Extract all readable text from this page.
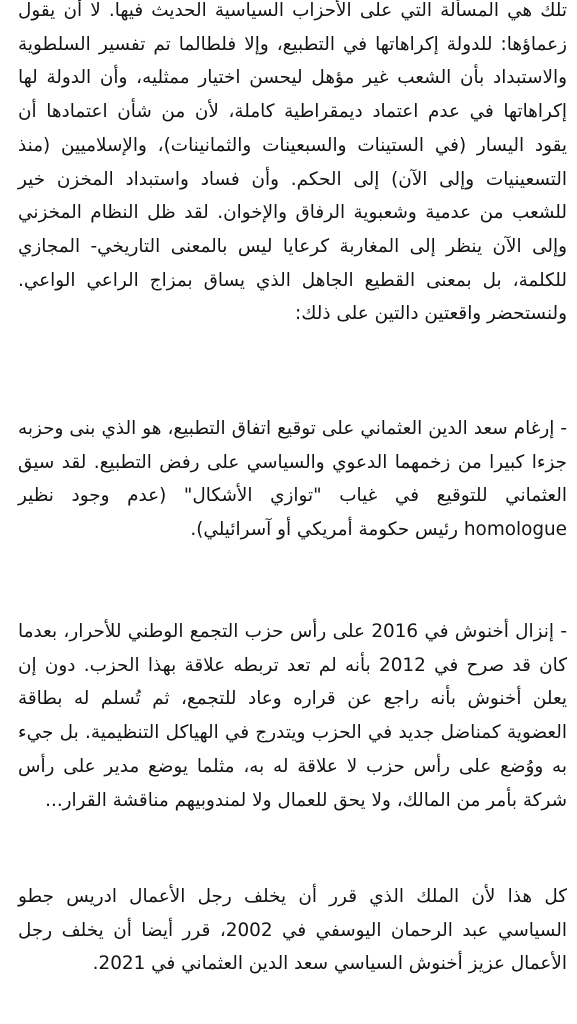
تلك هي المسألة التي على الأحزاب السياسية الحديث فيها. لا أن يقول زعماؤها: للدولة إكراهاتها في التطبيع، وإلا فلطالما تم تفسير السلطوية والاستبداد بأن الشعب غير مؤهل ليحسن اختيار ممثليه، وأن الدولة لها إكراهاتها في عدم اعتماد ديمقراطية كاملة، لأن من شأن اعتمادها أن يقود اليسار (في الستينات والسبعينات والثمانينات)، والإسلاميين (منذ التسعينيات وإلى الآن) إلى الحكم. وأن فساد واستبداد المخزن خير للشعب من عدمية وشعبوية الرفاق والإخوان. لقد ظل النظام المخزني وإلى الآن ينظر إلى المغاربة كرعايا ليس بالمعنى التاريخي- المجازي للكلمة، بل بمعنى القطيع الجاهل الذي يساق بمزاج الراعي الواعي. ولنستحضر واقعتين دالتين على ذلك:

- إرغام سعد الدين العثماني على توقيع اتفاق التطبيع، هو الذي بنى وحزبه جزءا كبيرا من زخمهما الدعوي والسياسي على رفض التطبيع. لقد سيق العثماني للتوقيع في غياب "توازي الأشكال" (عدم وجود نظير homologue رئيس حكومة أمريكي أو آسرائيلي).

- إنزال أخنوش في 2016 على رأس حزب التجمع الوطني للأحرار، بعدما كان قد صرح في 2012 بأنه لم تعد تربطه علاقة بهذا الحزب. دون إن يعلن أخنوش بأنه راجع عن قراره وعاد للتجمع، ثم تُسلم له بطاقة العضوية كمناضل جديد في الحزب ويتدرج في الهياكل التنظيمية. بل جيء به ووُضع على رأس حزب لا علاقة له به، مثلما يوضع مدير على رأس شركة بأمر من المالك، ولا يحق للعمال ولا لمندوبيهم مناقشة القرار...

كل هذا لأن الملك الذي قرر أن يخلف رجل الأعمال ادريس جطو السياسي عبد الرحمان اليوسفي في 2002، قرر أيضا أن يخلف رجل الأعمال عزيز أخنوش السياسي سعد الدين العثماني في 2021.
